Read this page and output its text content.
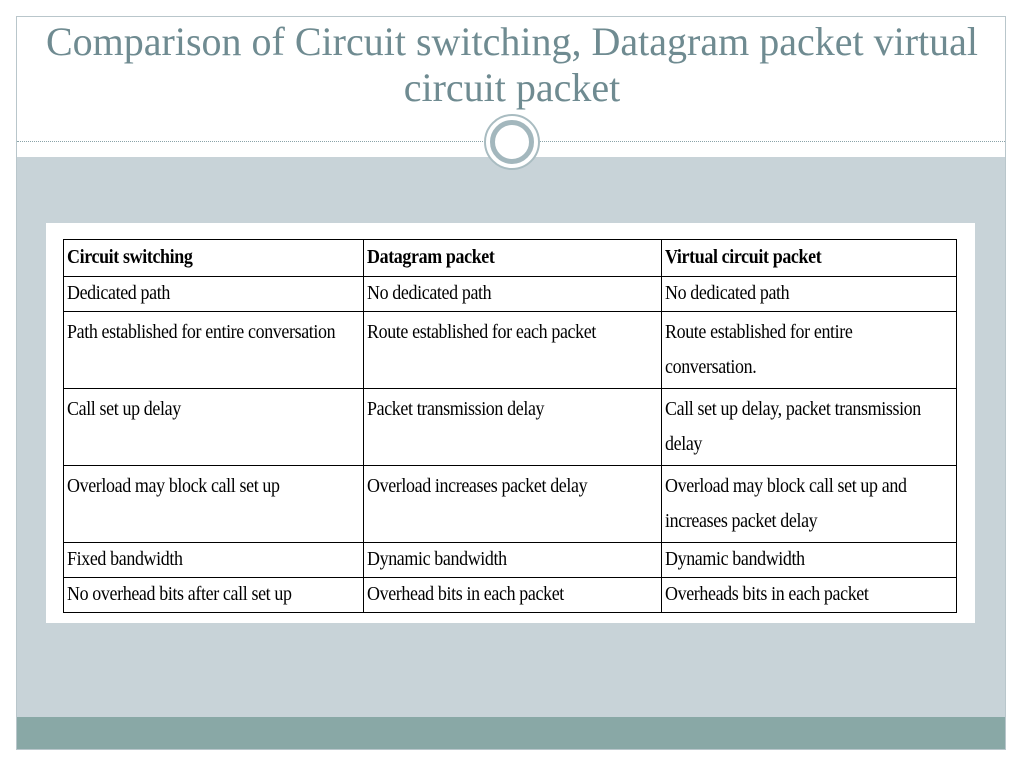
Comparison of Circuit switching, Datagram packet virtual circuit packet
Circuit switching	Datagram packet	Virtual circuit packet
Dedicated path	No dedicated path	No dedicated path
Path established for entire conversation	Route established for each packet	Route established for entire conversation.
Call set up delay	Packet transmission delay	Call set up delay, packet transmission delay
Overload may block call set up	Overload increases packet delay	Overload may block call set up and increases packet delay
Fixed bandwidth	Dynamic bandwidth	Dynamic bandwidth
No overhead bits after call set up	Overhead bits in each packet	Overheads bits in each packet
